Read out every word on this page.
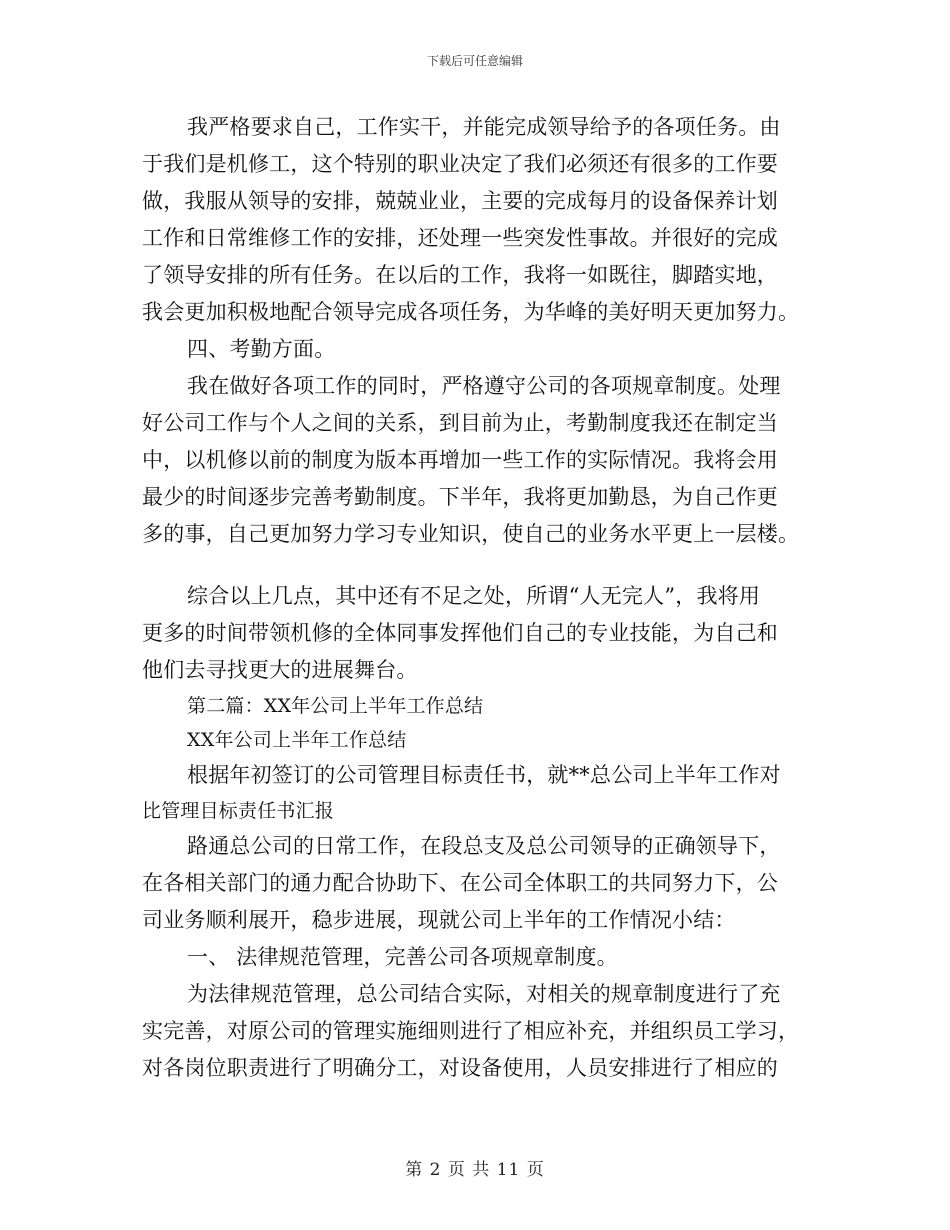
下载后可任意编辑
我严格要求自己，工作实干，并能完成领导给予的各项任务。由
于我们是机修工，这个特别的职业决定了我们必须还有很多的工作要
做，我服从领导的安排，兢兢业业，主要的完成每月的设备保养计划
工作和日常维修工作的安排，还处理一些突发性事故。并很好的完成
了领导安排的所有任务。在以后的工作，我将一如既往，脚踏实地，
我会更加积极地配合领导完成各项任务，为华峰的美好明天更加努力。
四、考勤方面。
我在做好各项工作的同时，严格遵守公司的各项规章制度。处理
好公司工作与个人之间的关系，到目前为止，考勤制度我还在制定当
中，以机修以前的制度为版本再增加一些工作的实际情况。我将会用
最少的时间逐步完善考勤制度。下半年，我将更加勤恳，为自己作更
多的事，自己更加努力学习专业知识，使自己的业务水平更上一层楼。
综合以上几点，其中还有不足之处，所谓“人无完人”，我将用
更多的时间带领机修的全体同事发挥他们自己的专业技能，为自己和
他们去寻找更大的进展舞台。
第二篇：XX年公司上半年工作总结
XX年公司上半年工作总结
根据年初签订的公司管理目标责任书，就**总公司上半年工作对
比管理目标责任书汇报
路通总公司的日常工作，在段总支及总公司领导的正确领导下，
在各相关部门的通力配合协助下、在公司全体职工的共同努力下，公
司业务顺利展开，稳步进展，现就公司上半年的工作情况小结：
一、 法律规范管理，完善公司各项规章制度。
为法律规范管理，总公司结合实际，对相关的规章制度进行了充
实完善，对原公司的管理实施细则进行了相应补充，并组织员工学习，
对各岗位职责进行了明确分工，对设备使用，人员安排进行了相应的
第 2 页 共 11 页
